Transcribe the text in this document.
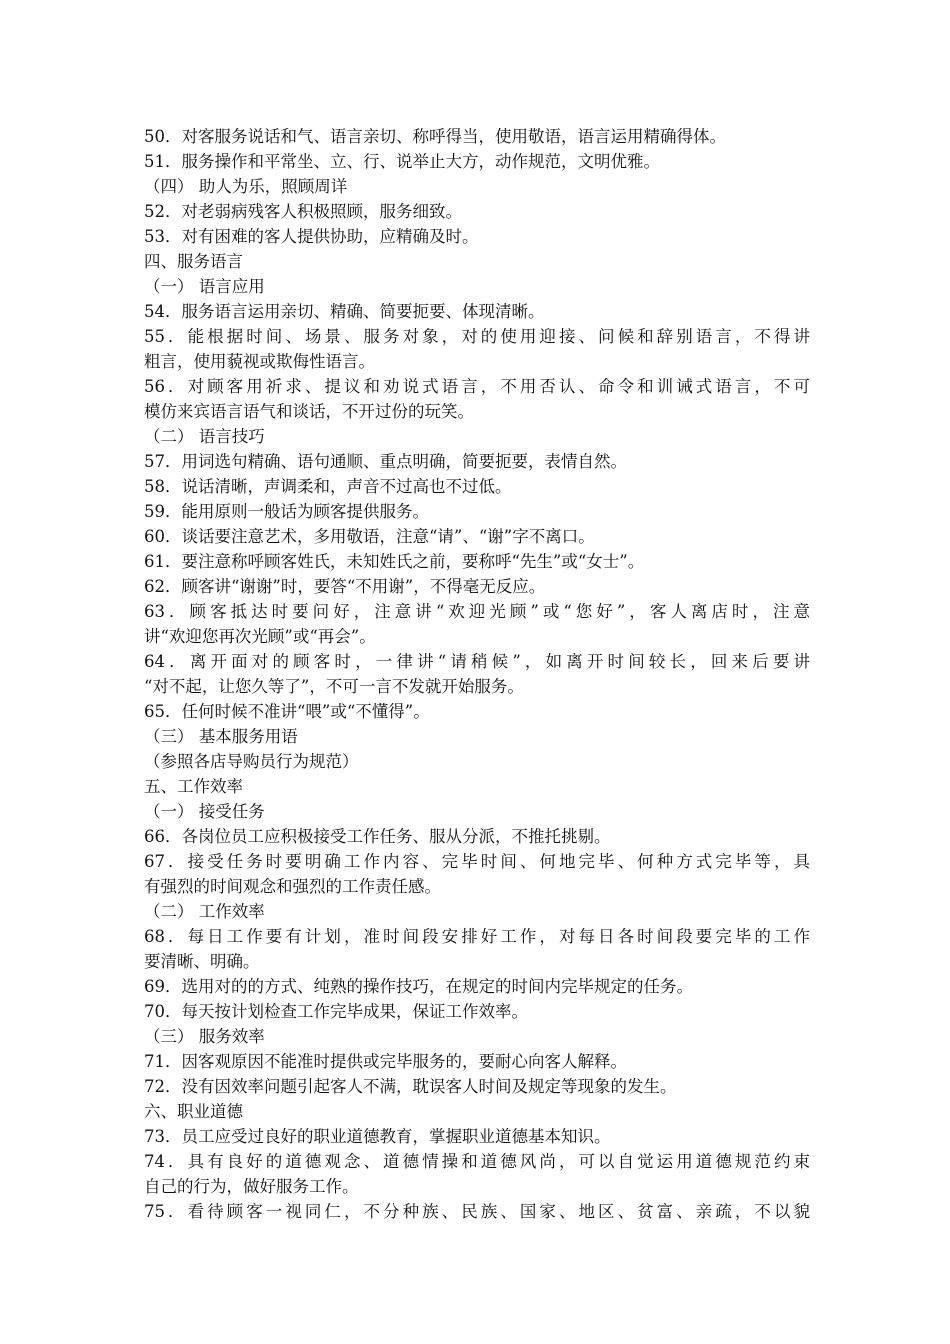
50．对客服务说话和气、语言亲切、称呼得当，使用敬语，语言运用精确得体。
51．服务操作和平常坐、立、行、说举止大方，动作规范，文明优雅。
（四） 助人为乐，照顾周详
52．对老弱病残客人积极照顾，服务细致。
53．对有困难的客人提供协助，应精确及时。
四、服务语言
（一） 语言应用
54．服务语言运用亲切、精确、简要扼要、体现清晰。
55．能根据时间、场景、服务对象，对的使用迎接、问候和辞别语言，不得讲
粗言，使用藐视或欺侮性语言。
56．对顾客用祈求、提议和劝说式语言，不用否认、命令和训诫式语言，不可
模仿来宾语言语气和谈话，不开过份的玩笑。
（二） 语言技巧
57．用词选句精确、语句通顺、重点明确，简要扼要，表情自然。
58．说话清晰，声调柔和，声音不过高也不过低。
59．能用原则一般话为顾客提供服务。
60．谈话要注意艺术，多用敬语，注意“请”、“谢”字不离口。
61．要注意称呼顾客姓氏，未知姓氏之前，要称呼“先生”或“女士”。
62．顾客讲“谢谢”时，要答“不用谢”，不得毫无反应。
63．顾客抵达时要问好，注意讲“欢迎光顾”或“您好”，客人离店时，注意
讲“欢迎您再次光顾”或“再会”。
64．离开面对的顾客时，一律讲“请稍候”，如离开时间较长，回来后要讲
“对不起，让您久等了”，不可一言不发就开始服务。
65．任何时候不准讲“喂”或“不懂得”。
（三） 基本服务用语
（参照各店导购员行为规范）
五、工作效率
（一） 接受任务
66．各岗位员工应积极接受工作任务、服从分派，不推托挑剔。
67．接受任务时要明确工作内容、完毕时间、何地完毕、何种方式完毕等，具
有强烈的时间观念和强烈的工作责任感。
（二） 工作效率
68．每日工作要有计划，准时间段安排好工作，对每日各时间段要完毕的工作
要清晰、明确。
69．选用对的的方式、纯熟的操作技巧，在规定的时间内完毕规定的任务。
70．每天按计划检查工作完毕成果，保证工作效率。
（三） 服务效率
71．因客观原因不能准时提供或完毕服务的，要耐心向客人解释。
72．没有因效率问题引起客人不满，耽误客人时间及规定等现象的发生。
六、职业道德
73．员工应受过良好的职业道德教育，掌握职业道德基本知识。
74．具有良好的道德观念、道德情操和道德风尚，可以自觉运用道德规范约束
自己的行为，做好服务工作。
75．看待顾客一视同仁，不分种族、民族、国家、地区、贫富、亲疏，不以貌
